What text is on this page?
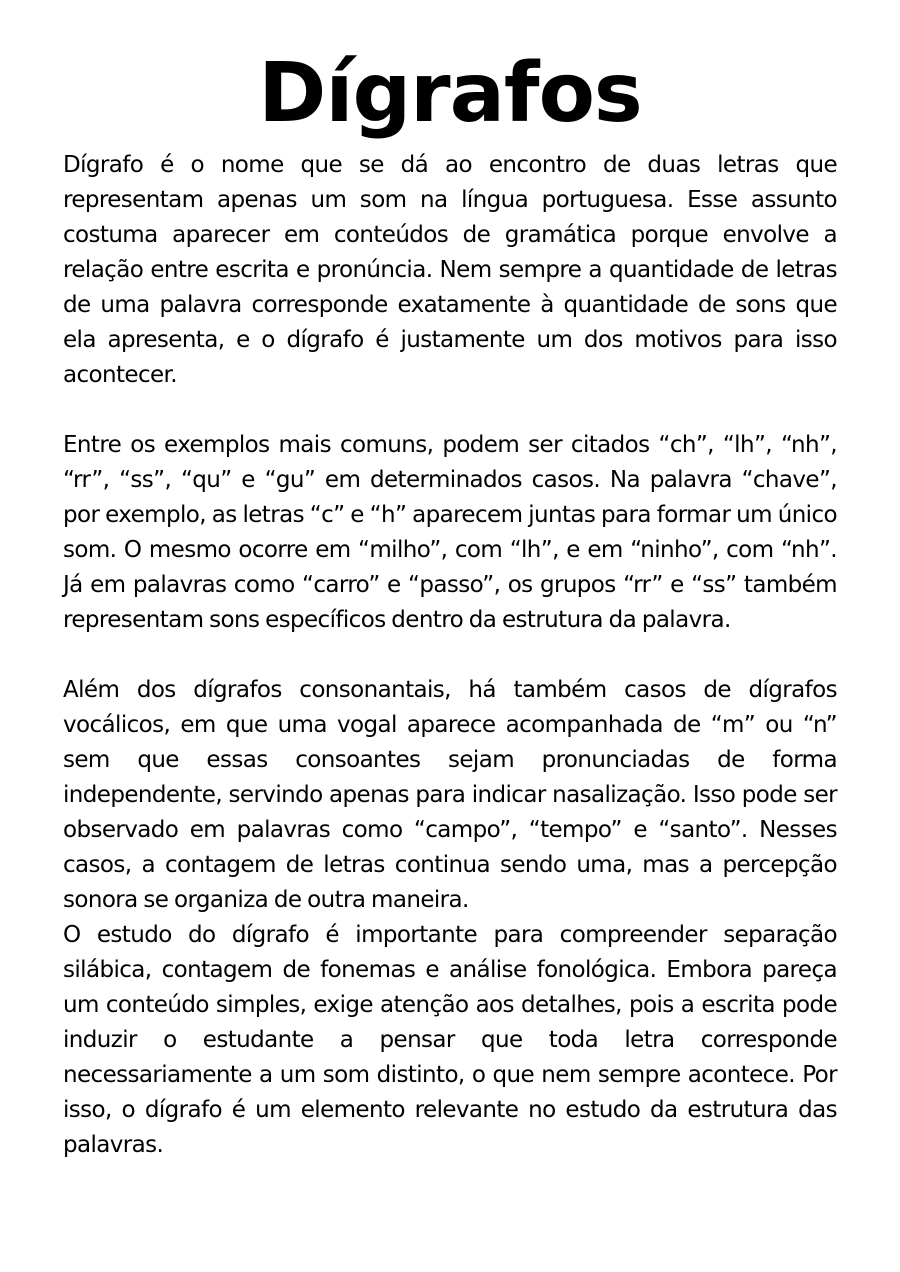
Dígrafos

Dígrafo é o nome que se dá ao encontro de duas letras que representam apenas um som na língua portuguesa. Esse assunto costuma aparecer em conteúdos de gramática porque envolve a relação entre escrita e pronúncia. Nem sempre a quantidade de letras de uma palavra corresponde exatamente à quantidade de sons que ela apresenta, e o dígrafo é justamente um dos motivos para isso acontecer.

Entre os exemplos mais comuns, podem ser citados “ch”, “lh”, “nh”, “rr”, “ss”, “qu” e “gu” em determinados casos. Na palavra “chave”, por exemplo, as letras “c” e “h” aparecem juntas para formar um único som. O mesmo ocorre em “milho”, com “lh”, e em “ninho”, com “nh”. Já em palavras como “carro” e “passo”, os grupos “rr” e “ss” também representam sons específicos dentro da estrutura da palavra.

Além dos dígrafos consonantais, há também casos de dígrafos vocálicos, em que uma vogal aparece acompanhada de “m” ou “n” sem que essas consoantes sejam pronunciadas de forma independente, servindo apenas para indicar nasalização. Isso pode ser observado em palavras como “campo”, “tempo” e “santo”. Nesses casos, a contagem de letras continua sendo uma, mas a percepção sonora se organiza de outra maneira.

O estudo do dígrafo é importante para compreender separação silábica, contagem de fonemas e análise fonológica. Embora pareça um conteúdo simples, exige atenção aos detalhes, pois a escrita pode induzir o estudante a pensar que toda letra corresponde necessariamente a um som distinto, o que nem sempre acontece. Por isso, o dígrafo é um elemento relevante no estudo da estrutura das palavras.
